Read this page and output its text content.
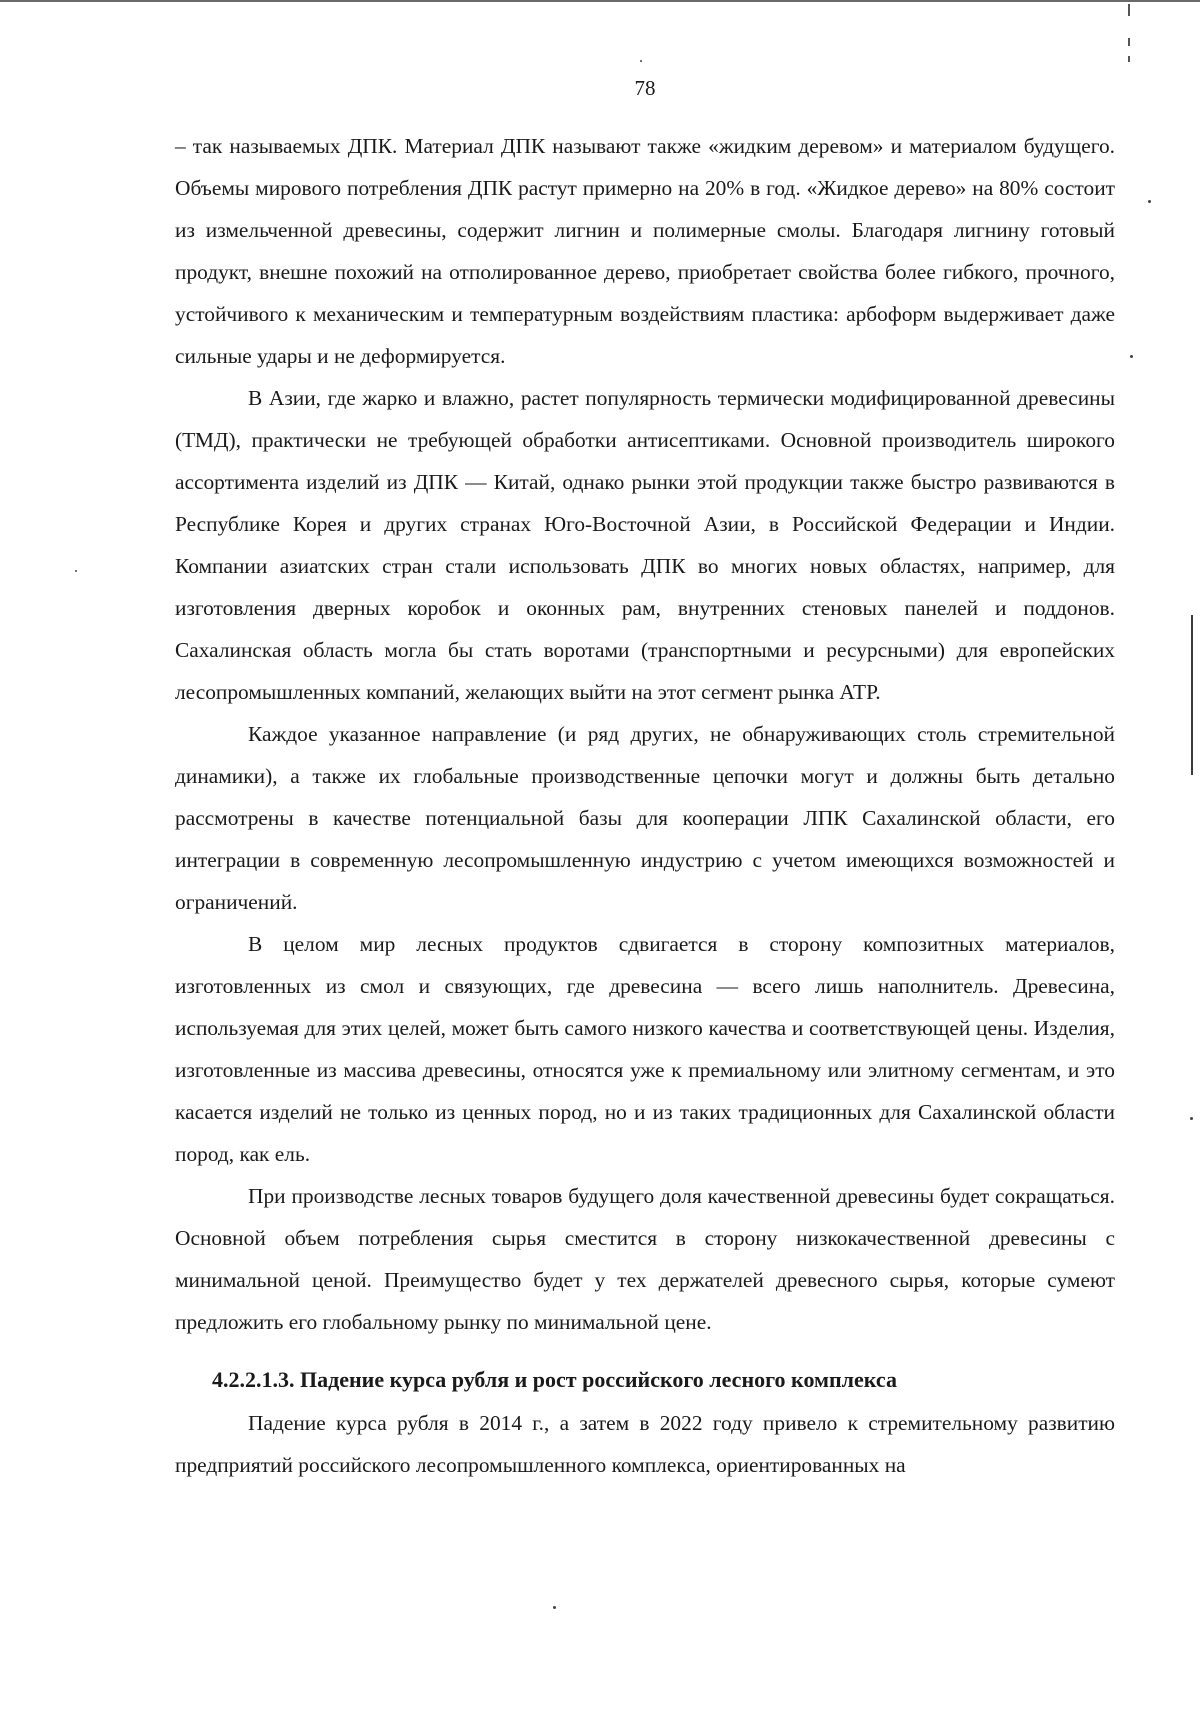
78

– так называемых ДПК. Материал ДПК называют также «жидким деревом» и материалом будущего. Объемы мирового потребления ДПК растут примерно на 20% в год. «Жидкое дерево» на 80% состоит из измельченной древесины, содержит лигнин и полимерные смолы. Благодаря лигнину готовый продукт, внешне похожий на отполированное дерево, приобретает свойства более гибкого, прочного, устойчивого к механическим и температурным воздействиям пластика: арбоформ выдерживает даже сильные удары и не деформируется.

В Азии, где жарко и влажно, растет популярность термически модифицированной древесины (ТМД), практически не требующей обработки антисептиками. Основной производитель широкого ассортимента изделий из ДПК — Китай, однако рынки этой продукции также быстро развиваются в Республике Корея и других странах Юго-Восточной Азии, в Российской Федерации и Индии. Компании азиатских стран стали использовать ДПК во многих новых областях, например, для изготовления дверных коробок и оконных рам, внутренних стеновых панелей и поддонов. Сахалинская область могла бы стать воротами (транспортными и ресурсными) для европейских лесопромышленных компаний, желающих выйти на этот сегмент рынка АТР.

Каждое указанное направление (и ряд других, не обнаруживающих столь стремительной динамики), а также их глобальные производственные цепочки могут и должны быть детально рассмотрены в качестве потенциальной базы для кооперации ЛПК Сахалинской области, его интеграции в современную лесопромышленную индустрию с учетом имеющихся возможностей и ограничений.

В целом мир лесных продуктов сдвигается в сторону композитных материалов, изготовленных из смол и связующих, где древесина — всего лишь наполнитель. Древесина, используемая для этих целей, может быть самого низкого качества и соответствующей цены. Изделия, изготовленные из массива древесины, относятся уже к премиальному или элитному сегментам, и это касается изделий не только из ценных пород, но и из таких традиционных для Сахалинской области пород, как ель.

При производстве лесных товаров будущего доля качественной древесины будет сокращаться. Основной объем потребления сырья сместится в сторону низкокачественной древесины с минимальной ценой. Преимущество будет у тех держателей древесного сырья, которые сумеют предложить его глобальному рынку по минимальной цене.

4.2.2.1.3. Падение курса рубля и рост российского лесного комплекса

Падение курса рубля в 2014 г., а затем в 2022 году привело к стремительному развитию предприятий российского лесопромышленного комплекса, ориентированных на
